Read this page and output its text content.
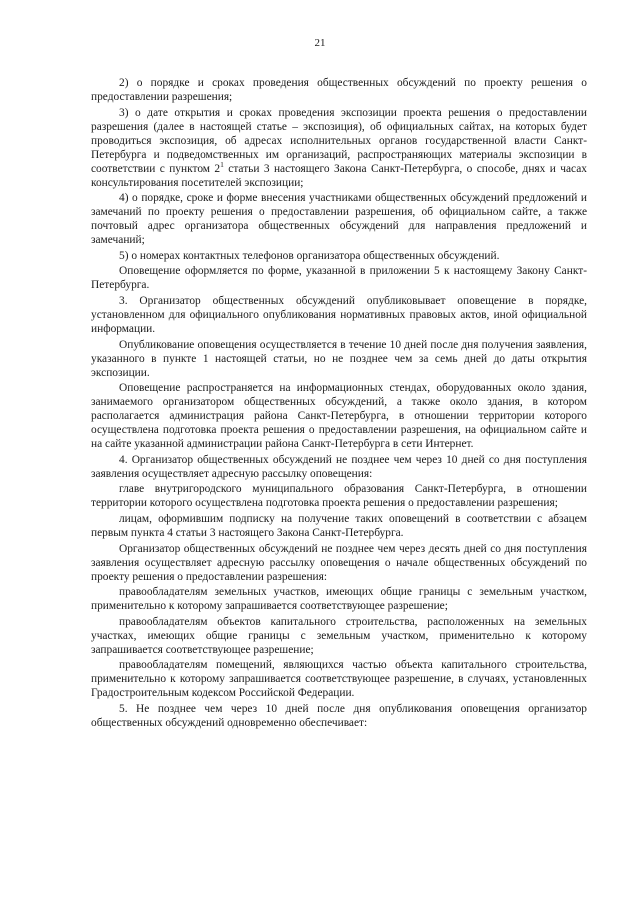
21

2) о порядке и сроках проведения общественных обсуждений по проекту решения о предоставлении разрешения;

3) о дате открытия и сроках проведения экспозиции проекта решения о предоставлении разрешения (далее в настоящей статье – экспозиция), об официальных сайтах, на которых будет проводиться экспозиция, об адресах исполнительных органов государственной власти Санкт-Петербурга и подведомственных им организаций, распространяющих материалы экспозиции в соответствии с пунктом $2^1$ статьи 3 настоящего Закона Санкт-Петербурга, о способе, днях и часах консультирования посетителей экспозиции;

4) о порядке, сроке и форме внесения участниками общественных обсуждений предложений и замечаний по проекту решения о предоставлении разрешения, об официальном сайте, а также почтовый адрес организатора общественных обсуждений для направления предложений и замечаний;

5) о номерах контактных телефонов организатора общественных обсуждений.

Оповещение оформляется по форме, указанной в приложении 5 к настоящему Закону Санкт-Петербурга.

3. Организатор общественных обсуждений опубликовывает оповещение в порядке, установленном для официального опубликования нормативных правовых актов, иной официальной информации.

Опубликование оповещения осуществляется в течение 10 дней после дня получения заявления, указанного в пункте 1 настоящей статьи, но не позднее чем за семь дней до даты открытия экспозиции.

Оповещение распространяется на информационных стендах, оборудованных около здания, занимаемого организатором общественных обсуждений, а также около здания, в котором располагается администрация района Санкт-Петербурга, в отношении территории которого осуществлена подготовка проекта решения о предоставлении разрешения, на официальном сайте и на сайте указанной администрации района Санкт-Петербурга в сети Интернет.

4. Организатор общественных обсуждений не позднее чем через 10 дней со дня поступления заявления осуществляет адресную рассылку оповещения:

главе внутригородского муниципального образования Санкт-Петербурга, в отношении территории которого осуществлена подготовка проекта решения о предоставлении разрешения;

лицам, оформившим подписку на получение таких оповещений в соответствии с абзацем первым пункта 4 статьи 3 настоящего Закона Санкт-Петербурга.

Организатор общественных обсуждений не позднее чем через десять дней со дня поступления заявления осуществляет адресную рассылку оповещения о начале общественных обсуждений по проекту решения о предоставлении разрешения:

правообладателям земельных участков, имеющих общие границы с земельным участком, применительно к которому запрашивается соответствующее разрешение;

правообладателям объектов капитального строительства, расположенных на земельных участках, имеющих общие границы с земельным участком, применительно к которому запрашивается соответствующее разрешение;

правообладателям помещений, являющихся частью объекта капитального строительства, применительно к которому запрашивается соответствующее разрешение, в случаях, установленных Градостроительным кодексом Российской Федерации.

5. Не позднее чем через 10 дней после дня опубликования оповещения организатор общественных обсуждений одновременно обеспечивает:
